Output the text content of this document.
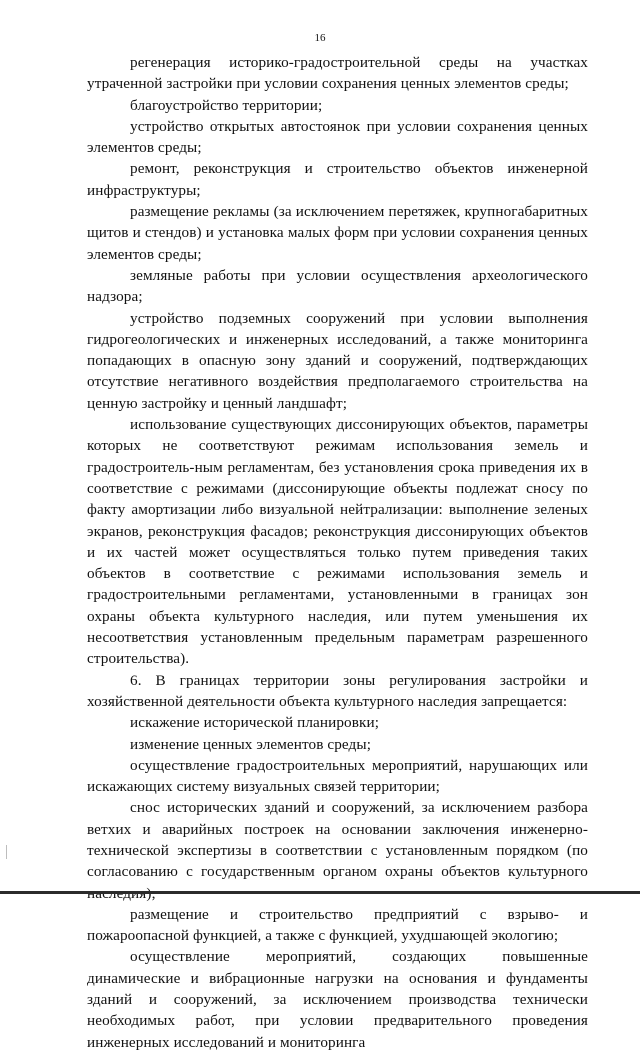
16

регенерация историко-градостроительной среды на участках утраченной застройки при условии сохранения ценных элементов среды;

благоустройство территории;

устройство открытых автостоянок при условии сохранения ценных элементов среды;

ремонт, реконструкция и строительство объектов инженерной инфраструктуры;

размещение рекламы (за исключением перетяжек, крупногабаритных щитов и стендов) и установка малых форм при условии сохранения ценных элементов среды;

земляные работы при условии осуществления археологического надзора;

устройство подземных сооружений при условии выполнения гидрогеологических и инженерных исследований, а также мониторинга попадающих в опасную зону зданий и сооружений, подтверждающих отсутствие негативного воздействия предполагаемого строительства на ценную застройку и ценный ландшафт;

использование существующих диссонирующих объектов, параметры которых не соответствуют режимам использования земель и градостроитель-ным регламентам, без установления срока приведения их в соответствие с режимами (диссонирующие объекты подлежат сносу по факту амортизации либо визуальной нейтрализации: выполнение зеленых экранов, реконструкция фасадов; реконструкция диссонирующих объектов и их частей может осуществляться только путем приведения таких объектов в соответствие с режимами использования земель и градостроительными регламентами, установленными в границах зон охраны объекта культурного наследия, или путем уменьшения их несоответствия установленным предельным параметрам разрешенного строительства).

6. В границах территории зоны регулирования застройки и хозяйственной деятельности объекта культурного наследия запрещается:

искажение исторической планировки;

изменение ценных элементов среды;

осуществление градостроительных мероприятий, нарушающих или искажающих систему визуальных связей территории;

снос исторических зданий и сооружений, за исключением разбора ветхих и аварийных построек на основании заключения инженерно-технической экспертизы в соответствии с установленным порядком (по согласованию с государственным органом охраны объектов культурного

размещение и строительство предприятий с взрыво- и пожароопасной функцией, а также с функцией, ухудшающей экологию;

осуществление мероприятий, создающих повышенные динамические и вибрационные нагрузки на основания и фундаменты зданий и сооружений, за исключением производства технически необходимых работ, при условии предварительного проведения инженерных исследований и мониторинга
